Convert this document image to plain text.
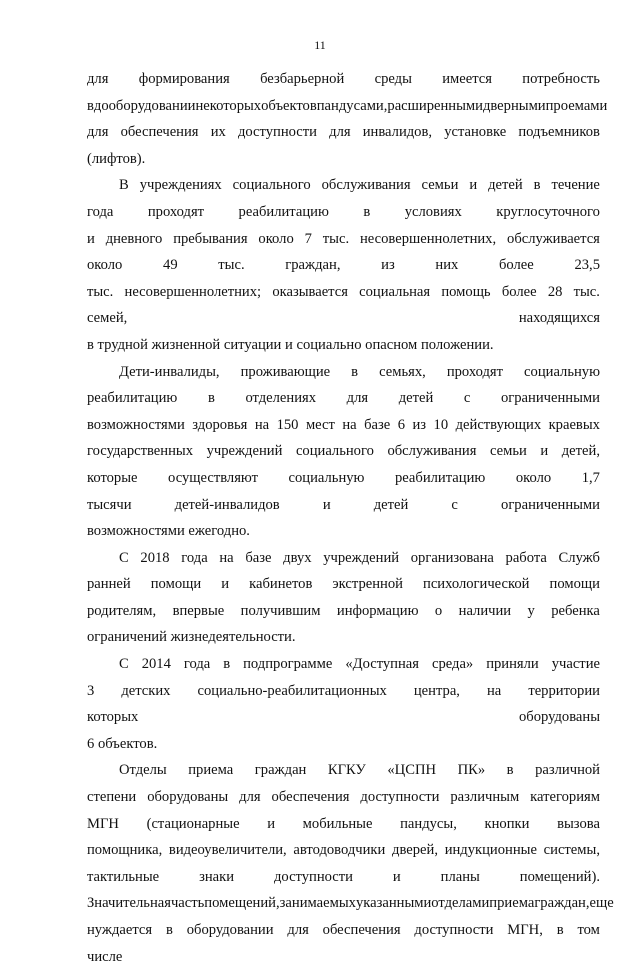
11

для формирования безбарьерной среды имеется потребность
в дооборудовании некоторых объектов пандусами, расширенными дверными проемами
для обеспечения их доступности для инвалидов, установке подъемников
(лифтов).

В учреждениях социального обслуживания семьи и детей в течение
года проходят реабилитацию в условиях круглосуточного
и дневного пребывания около 7 тыс. несовершеннолетних, обслуживается
около	49	тыс.	граждан,	из	них	более	23,5
тыс. несовершеннолетних; оказывается социальная помощь более 28 тыс.
семей,	находящихся
в трудной жизненной ситуации и социально опасном положении.

Дети-инвалиды, проживающие в семьях, проходят социальную
реабилитацию в отделениях для детей с ограниченными
возможностями здоровья на 150 мест на базе 6 из 10 действующих краевых
государственных учреждений социального обслуживания семьи и детей,
которые осуществляют социальную реабилитацию около 1,7
тысячи	детей-инвалидов	и	детей	с	ограниченными
возможностями ежегодно.

С 2018 года на базе двух учреждений организована работа Служб
ранней помощи и кабинетов экстренной психологической помощи
родителям, впервые получившим информацию о наличии у ребенка
ограничений жизнедеятельности.

С 2014 года в подпрограмме «Доступная среда» приняли участие
3 детских социально-реабилитационных центра, на территории
которых	оборудованы
6 объектов.

Отделы приема граждан КГКУ «ЦСПН ПК» в различной
степени оборудованы для обеспечения доступности различным категориям
МГН (стационарные и мобильные пандусы, кнопки вызова
помощника, видеоувеличители, автодоводчики дверей, индукционные системы,
тактильные	знаки	доступности	и	планы	помещений).
Значительная часть помещений, занимаемых указанными отделами приема граждан, еще
нуждается в оборудовании для обеспечения доступности МГН, в том
числе
